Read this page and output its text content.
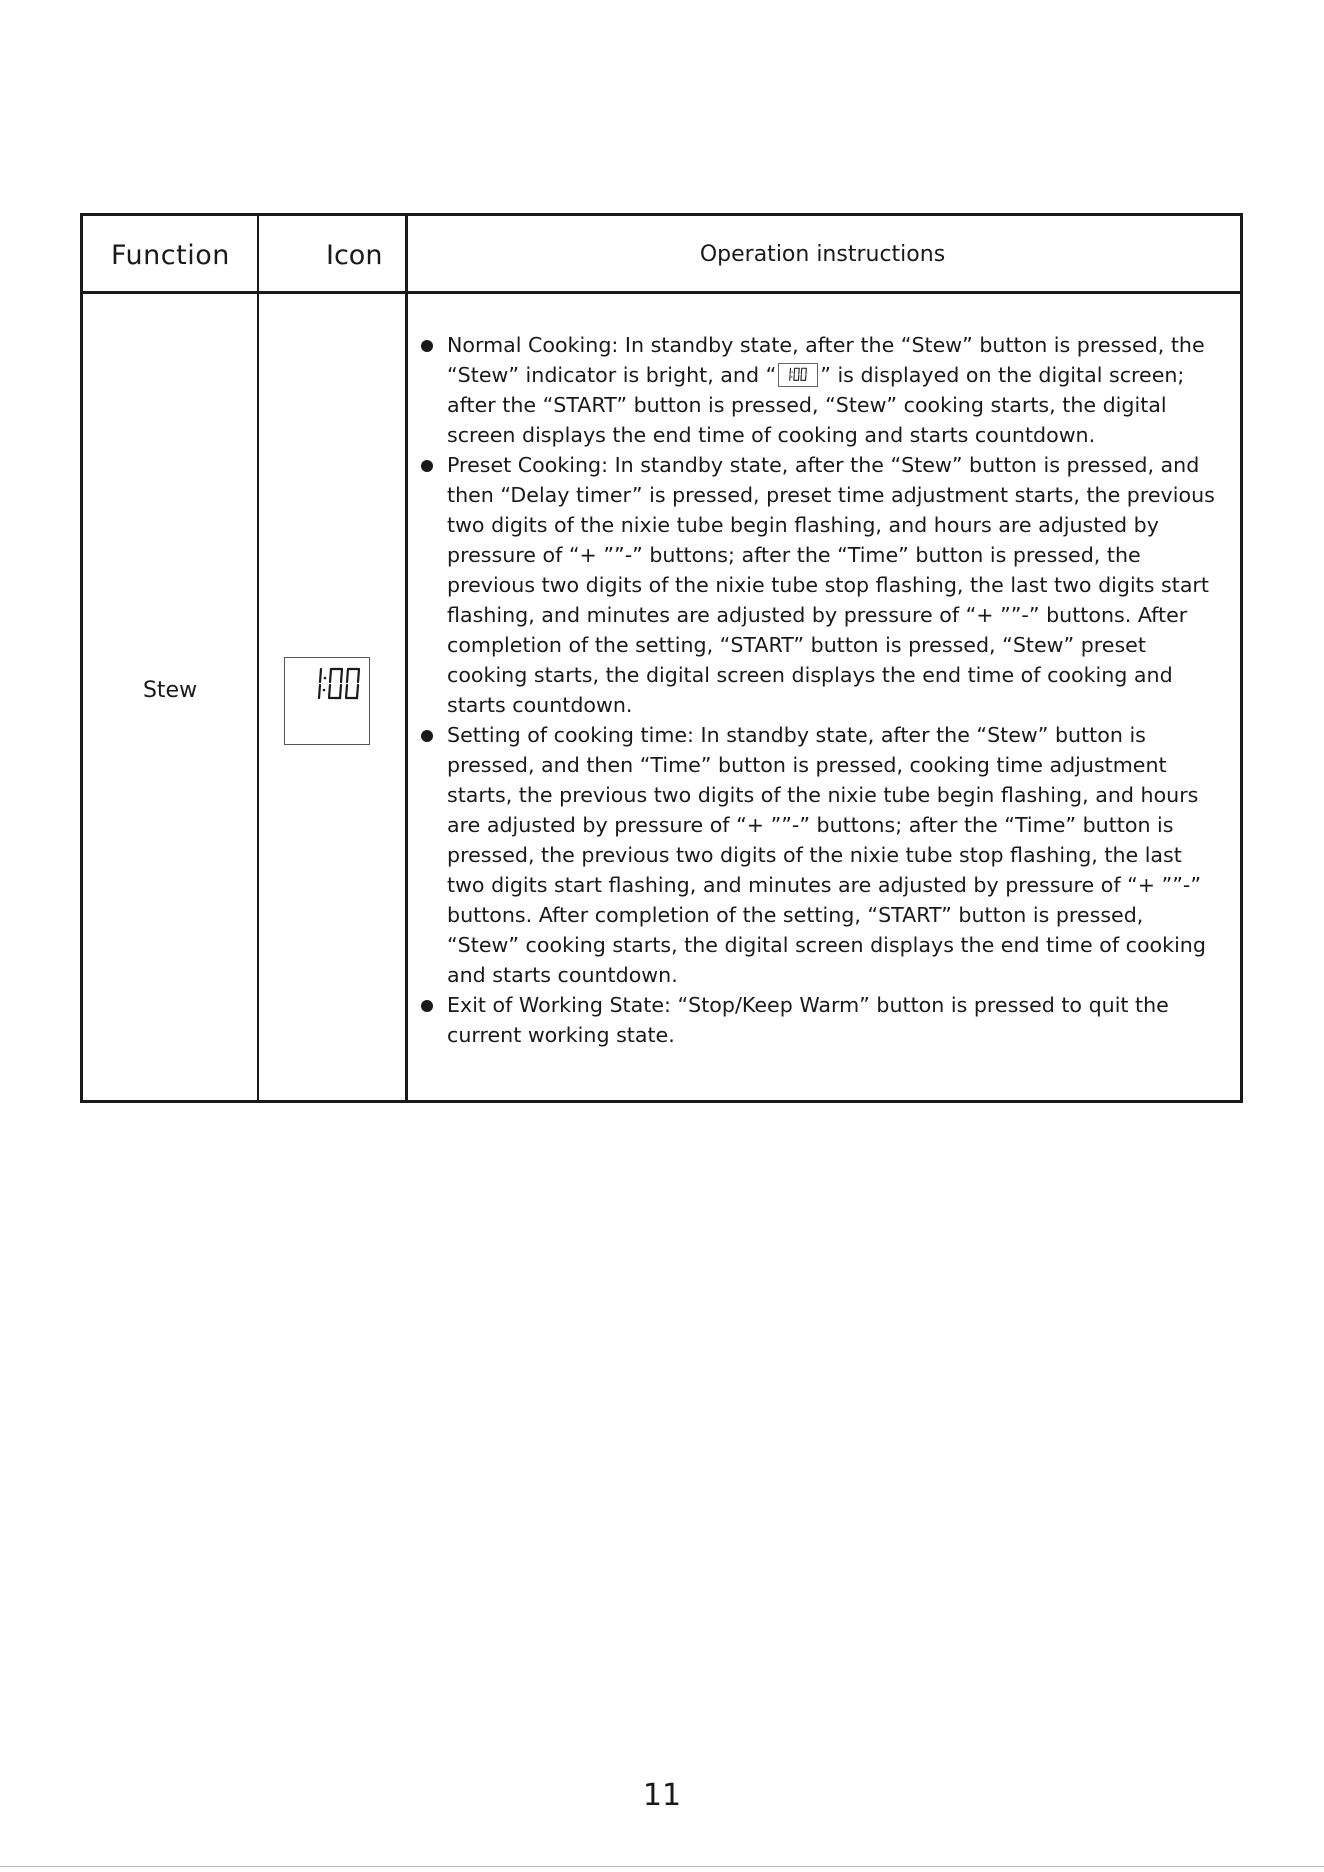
Function	Icon	Operation instructions
Stew
Normal Cooking: In standby state, after the “Stew” button is pressed, the “Stew” indicator is bright, and “ ” is displayed on the digital screen; after the “START” button is pressed, “Stew” cooking starts, the digital screen displays the end time of cooking and starts countdown.
Preset Cooking: In standby state, after the “Stew” button is pressed, and then “Delay timer” is pressed, preset time adjustment starts, the previous two digits of the nixie tube begin flashing, and hours are adjusted by pressure of “+ ””-” buttons; after the “Time” button is pressed, the previous two digits of the nixie tube stop flashing, the last two digits start flashing, and minutes are adjusted by pressure of “+ ””-” buttons. After completion of the setting, “START” button is pressed, “Stew” preset cooking starts, the digital screen displays the end time of cooking and starts countdown.
Setting of cooking time: In standby state, after the “Stew” button is pressed, and then “Time” button is pressed, cooking time adjustment starts, the previous two digits of the nixie tube begin flashing, and hours are adjusted by pressure of “+ ””-” buttons; after the “Time” button is pressed, the previous two digits of the nixie tube stop flashing, the last two digits start flashing, and minutes are adjusted by pressure of “+ ””-” buttons. After completion of the setting, “START” button is pressed, “Stew” cooking starts, the digital screen displays the end time of cooking and starts countdown.
Exit of Working State: “Stop/Keep Warm” button is pressed to quit the current working state.
11
